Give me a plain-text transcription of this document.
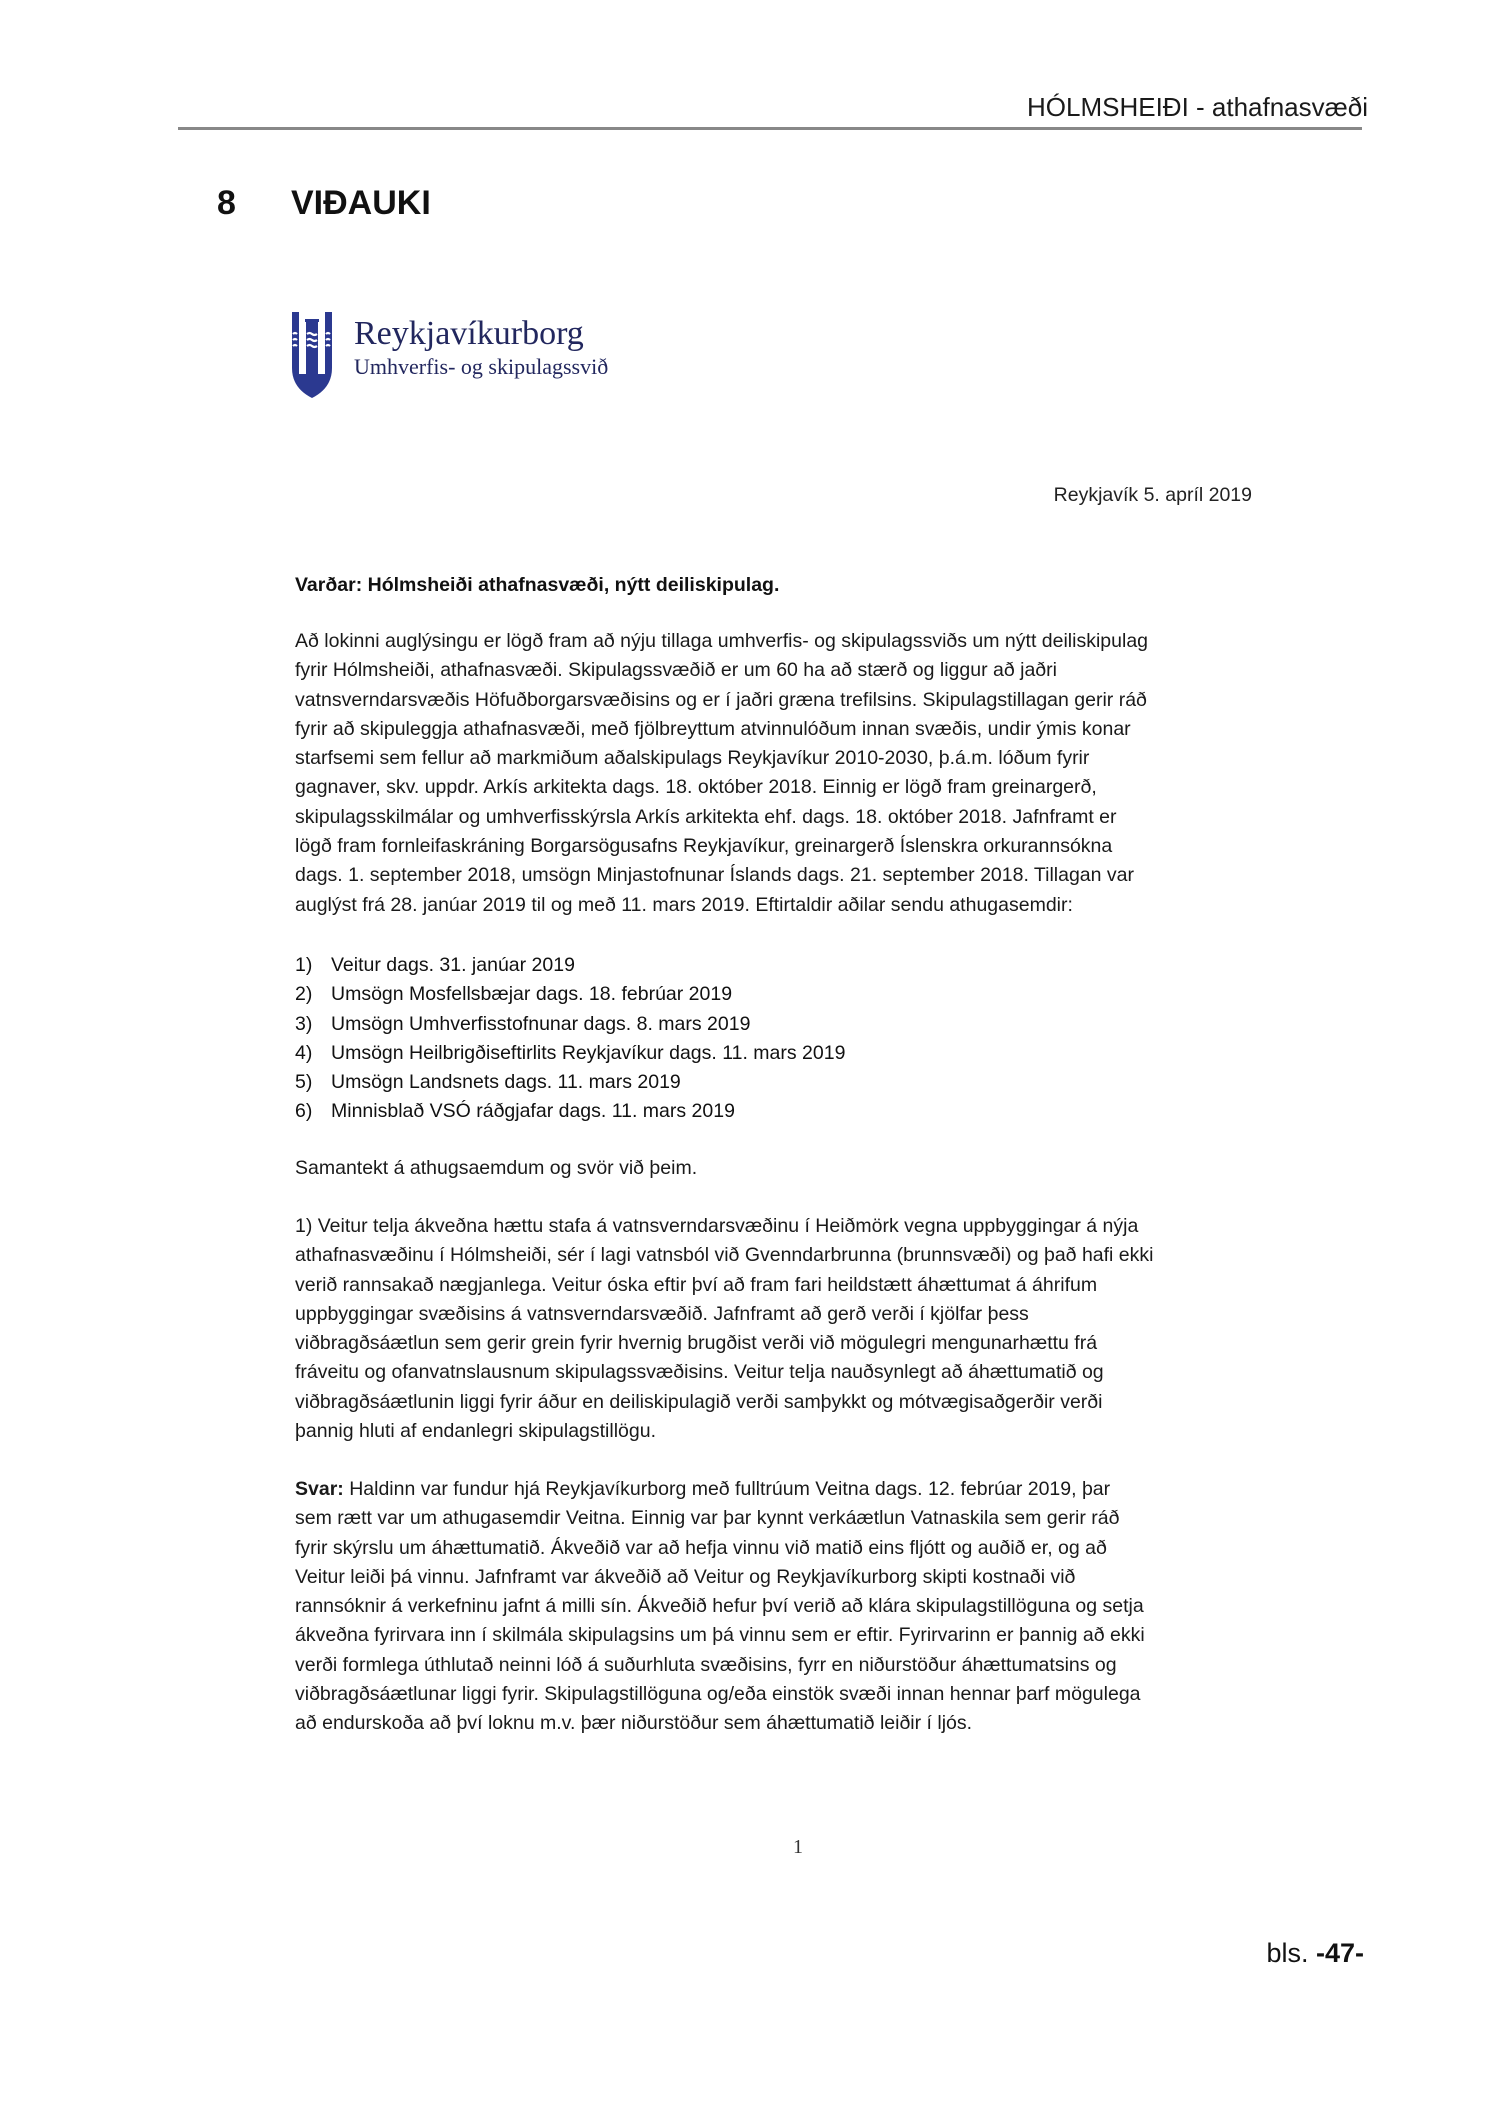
HÓLMSHEIÐI - athafnasvæði
8 VIÐAUKI
Reykjavíkurborg
Umhverfis- og skipulagssvið
Reykjavík 5. apríl 2019
Varðar: Hólmsheiði athafnasvæði, nýtt deiliskipulag.
Að lokinni auglýsingu er lögð fram að nýju tillaga umhverfis- og skipulagssviðs um nýtt deiliskipulag
fyrir Hólmsheiði, athafnasvæði. Skipulagssvæðið er um 60 ha að stærð og liggur að jaðri
vatnsverndarsvæðis Höfuðborgarsvæðisins og er í jaðri græna trefilsins. Skipulagstillagan gerir ráð
fyrir að skipuleggja athafnasvæði, með fjölbreyttum atvinnulóðum innan svæðis, undir ýmis konar
starfsemi sem fellur að markmiðum aðalskipulags Reykjavíkur 2010-2030, þ.á.m. lóðum fyrir
gagnaver, skv. uppdr. Arkís arkitekta dags. 18. október 2018. Einnig er lögð fram greinargerð,
skipulagsskilmálar og umhverfisskýrsla Arkís arkitekta ehf. dags. 18. október 2018. Jafnframt er
lögð fram fornleifaskráning Borgarsögusafns Reykjavíkur, greinargerð Íslenskra orkurannsókna
dags. 1. september 2018, umsögn Minjastofnunar Íslands dags. 21. september 2018. Tillagan var
auglýst frá 28. janúar 2019 til og með 11. mars 2019. Eftirtaldir aðilar sendu athugasemdir:
1) Veitur dags. 31. janúar 2019
2) Umsögn Mosfellsbæjar dags. 18. febrúar 2019
3) Umsögn Umhverfisstofnunar dags. 8. mars 2019
4) Umsögn Heilbrigðiseftirlits Reykjavíkur dags. 11. mars 2019
5) Umsögn Landsnets dags. 11. mars 2019
6) Minnisblað VSÓ ráðgjafar dags. 11. mars 2019
Samantekt á athugsaemdum og svör við þeim.
1) Veitur telja ákveðna hættu stafa á vatnsverndarsvæðinu í Heiðmörk vegna uppbyggingar á nýja
athafnasvæðinu í Hólmsheiði, sér í lagi vatnsból við Gvenndarbrunna (brunnsvæði) og það hafi ekki
verið rannsakað nægjanlega. Veitur óska eftir því að fram fari heildstætt áhættumat á áhrifum
uppbyggingar svæðisins á vatnsverndarsvæðið. Jafnframt að gerð verði í kjölfar þess
viðbragðsáætlun sem gerir grein fyrir hvernig brugðist verði við mögulegri mengunarhættu frá
fráveitu og ofanvatnslausnum skipulagssvæðisins. Veitur telja nauðsynlegt að áhættumatið og
viðbragðsáætlunin liggi fyrir áður en deiliskipulagið verði samþykkt og mótvægisaðgerðir verði
þannig hluti af endanlegri skipulagstillögu.
Svar: Haldinn var fundur hjá Reykjavíkurborg með fulltrúum Veitna dags. 12. febrúar 2019, þar
sem rætt var um athugasemdir Veitna. Einnig var þar kynnt verkáætlun Vatnaskila sem gerir ráð
fyrir skýrslu um áhættumatið. Ákveðið var að hefja vinnu við matið eins fljótt og auðið er, og að
Veitur leiði þá vinnu. Jafnframt var ákveðið að Veitur og Reykjavíkurborg skipti kostnaði við
rannsóknir á verkefninu jafnt á milli sín. Ákveðið hefur því verið að klára skipulagstillöguna og setja
ákveðna fyrirvara inn í skilmála skipulagsins um þá vinnu sem er eftir. Fyrirvarinn er þannig að ekki
verði formlega úthlutað neinni lóð á suðurhluta svæðisins, fyrr en niðurstöður áhættumatsins og
viðbragðsáætlunar liggi fyrir. Skipulagstillöguna og/eða einstök svæði innan hennar þarf mögulega
að endurskoða að því loknu m.v. þær niðurstöður sem áhættumatið leiðir í ljós.
1
bls. -47-
